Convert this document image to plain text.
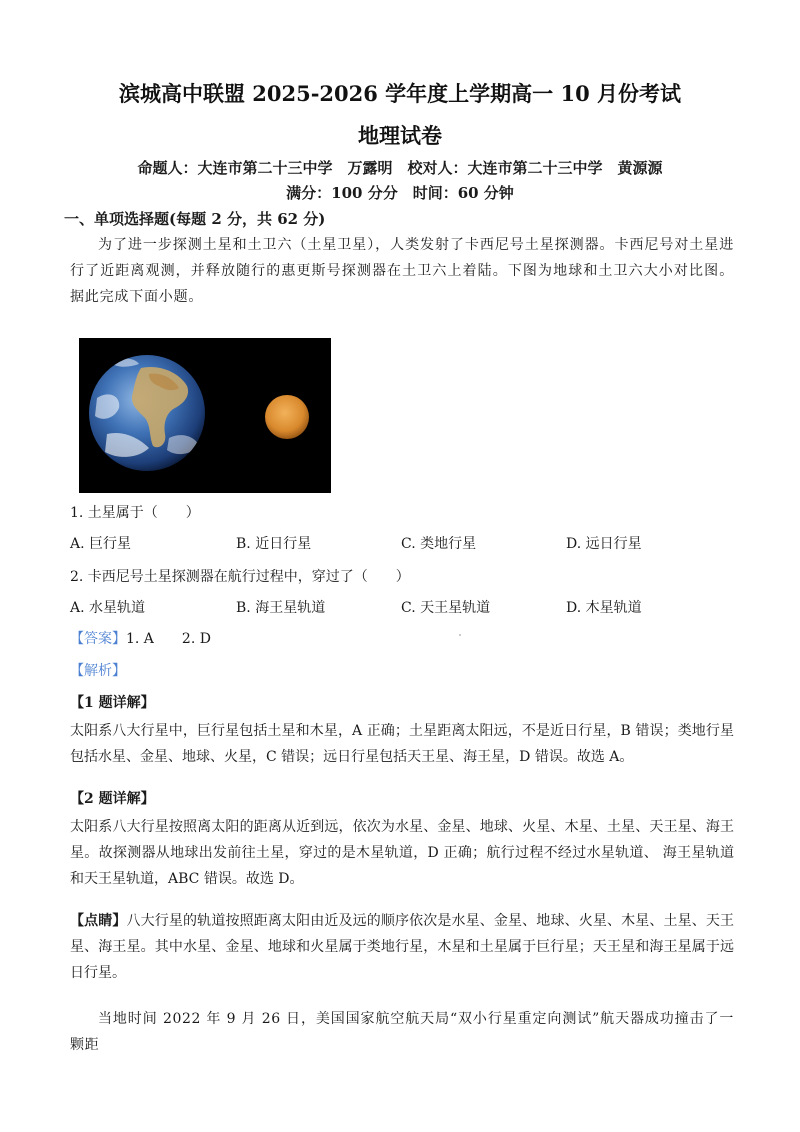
滨城高中联盟 2025-2026 学年度上学期高一 10 月份考试
地理试卷
命题人：大连市第二十三中学　万露明　校对人：大连市第二十三中学　黄源源
满分：100 分分　时间：60 分钟
一、单项选择题(每题 2 分，共 62 分)
为了进一步探测土星和土卫六（土星卫星），人类发射了卡西尼号土星探测器。卡西尼号对土星进行了近距离观测，并释放随行的惠更斯号探测器在土卫六上着陆。下图为地球和土卫六大小对比图。据此完成下面小题。
1. 土星属于（　　）
A. 巨行星	B. 近日行星	C. 类地行星	D. 远日行星
2. 卡西尼号土星探测器在航行过程中，穿过了（　　）
A. 水星轨道	B. 海王星轨道	C. 天王星轨道	D. 木星轨道
【答案】1. A　　2. D
【解析】
【1 题详解】
太阳系八大行星中，巨行星包括土星和木星，A 正确；土星距离太阳远，不是近日行星，B 错误；类地行星包括水星、金星、地球、火星，C 错误；远日行星包括天王星、海王星，D 错误。故选 A。
【2 题详解】
太阳系八大行星按照离太阳的距离从近到远，依次为水星、金星、地球、火星、木星、土星、天王星、海王星。故探测器从地球出发前往土星，穿过的是木星轨道，D 正确；航行过程不经过水星轨道、 海王星轨道和天王星轨道，ABC 错误。故选 D。
【点睛】八大行星的轨道按照距离太阳由近及远的顺序依次是水星、金星、地球、火星、木星、土星、天王星、海王星。其中水星、金星、地球和火星属于类地行星，木星和土星属于巨行星；天王星和海王星属于远日行星。
当地时间 2022 年 9 月 26 日，美国国家航空航天局“双小行星重定向测试”航天器成功撞击了一颗距
